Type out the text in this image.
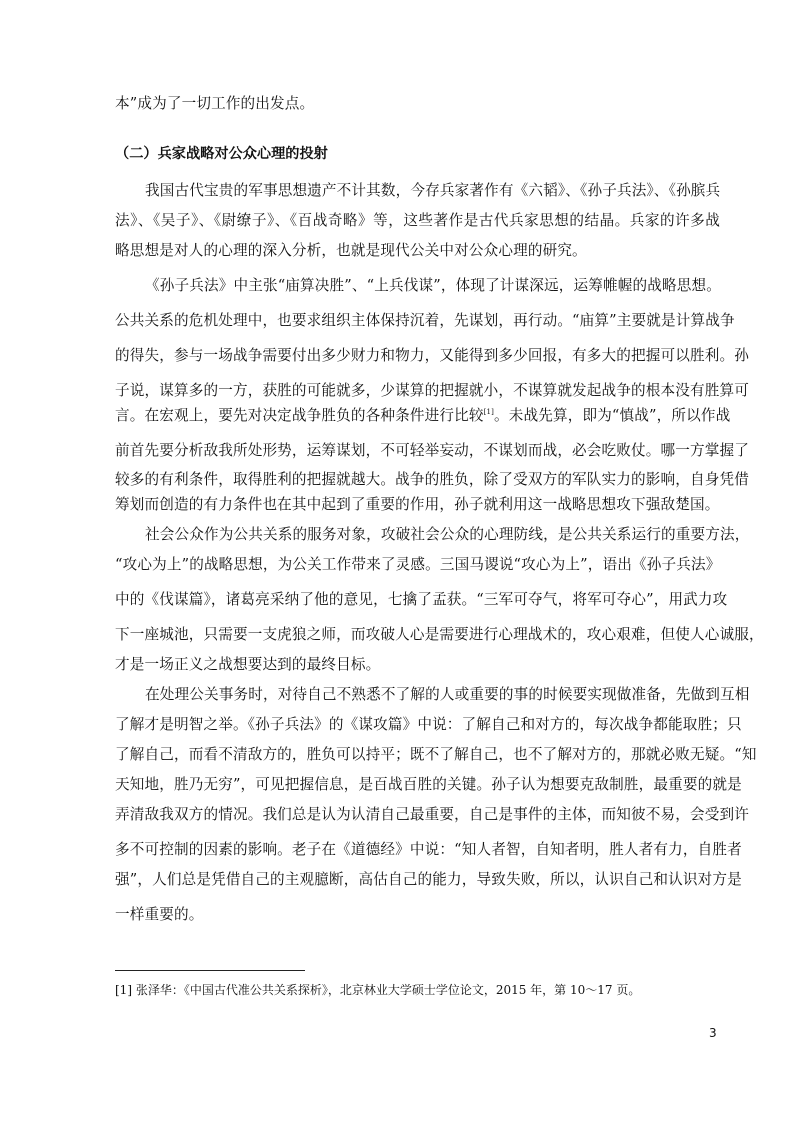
本”成为了一切工作的出发点。
（二）兵家战略对公众心理的投射
我国古代宝贵的军事思想遗产不计其数，今存兵家著作有《六韬》、《孙子兵法》、《孙膑兵
法》、《吴子》、《尉缭子》、《百战奇略》等，这些著作是古代兵家思想的结晶。兵家的许多战
略思想是对人的心理的深入分析，也就是现代公关中对公众心理的研究。
《孙子兵法》中主张“庙算决胜”、“上兵伐谋”，体现了计谋深远，运筹帷幄的战略思想。
公共关系的危机处理中，也要求组织主体保持沉着，先谋划，再行动。“庙算”主要就是计算战争
的得失，参与一场战争需要付出多少财力和物力，又能得到多少回报，有多大的把握可以胜利。孙
子说，谋算多的一方，获胜的可能就多，少谋算的把握就小，不谋算就发起战争的根本没有胜算可
言。在宏观上，要先对决定战争胜负的各种条件进行比较[1]。未战先算，即为“慎战”，所以作战
前首先要分析敌我所处形势，运筹谋划，不可轻举妄动，不谋划而战，必会吃败仗。哪一方掌握了
较多的有利条件，取得胜利的把握就越大。战争的胜负，除了受双方的军队实力的影响，自身凭借
筹划而创造的有力条件也在其中起到了重要的作用，孙子就利用这一战略思想攻下强敌楚国。
社会公众作为公共关系的服务对象，攻破社会公众的心理防线，是公共关系运行的重要方法，
“攻心为上”的战略思想，为公关工作带来了灵感。三国马谡说“攻心为上”，语出《孙子兵法》
中的《伐谋篇》，诸葛亮采纳了他的意见，七擒了孟获。“三军可夺气，将军可夺心”，用武力攻
下一座城池，只需要一支虎狼之师，而攻破人心是需要进行心理战术的，攻心艰难，但使人心诚服，
才是一场正义之战想要达到的最终目标。
在处理公关事务时，对待自己不熟悉不了解的人或重要的事的时候要实现做准备，先做到互相
了解才是明智之举。《孙子兵法》的《谋攻篇》中说：了解自己和对方的，每次战争都能取胜；只
了解自己，而看不清敌方的，胜负可以持平；既不了解自己，也不了解对方的，那就必败无疑。“知
天知地，胜乃无穷”，可见把握信息，是百战百胜的关键。孙子认为想要克敌制胜，最重要的就是
弄清敌我双方的情况。我们总是认为认清自己最重要，自己是事件的主体，而知彼不易，会受到许
多不可控制的因素的影响。老子在《道德经》中说：“知人者智，自知者明，胜人者有力，自胜者
强”，人们总是凭借自己的主观臆断，高估自己的能力，导致失败，所以，认识自己和认识对方是
一样重要的。
[1] 张泽华：《中国古代准公共关系探析》，北京林业大学硕士学位论文，2015 年，第 10～17 页。
3
